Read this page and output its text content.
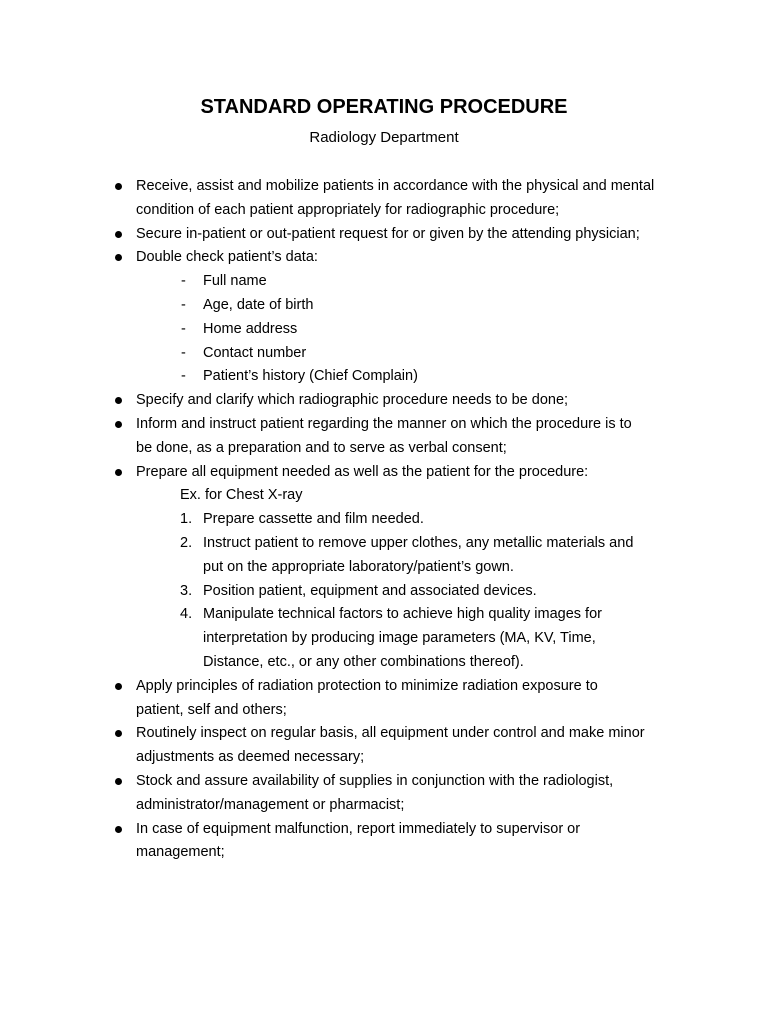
STANDARD OPERATING PROCEDURE
Radiology Department
Receive, assist and mobilize patients in accordance with the physical and mental
condition of each patient appropriately for radiographic procedure;
Secure in-patient or out-patient request for or given by the attending physician;
Double check patient’s data:
- Full name
- Age, date of birth
- Home address
- Contact number
- Patient’s history (Chief Complain)
Specify and clarify which radiographic procedure needs to be done;
Inform and instruct patient regarding the manner on which the procedure is to
be done, as a preparation and to serve as verbal consent;
Prepare all equipment needed as well as the patient for the procedure:
Ex. for Chest X-ray
1. Prepare cassette and film needed.
2. Instruct patient to remove upper clothes, any metallic materials and
put on the appropriate laboratory/patient’s gown.
3. Position patient, equipment and associated devices.
4. Manipulate technical factors to achieve high quality images for
interpretation by producing image parameters (MA, KV, Time,
Distance, etc., or any other combinations thereof).
Apply principles of radiation protection to minimize radiation exposure to
patient, self and others;
Routinely inspect on regular basis, all equipment under control and make minor
adjustments as deemed necessary;
Stock and assure availability of supplies in conjunction with the radiologist,
administrator/management or pharmacist;
In case of equipment malfunction, report immediately to supervisor or
management;
